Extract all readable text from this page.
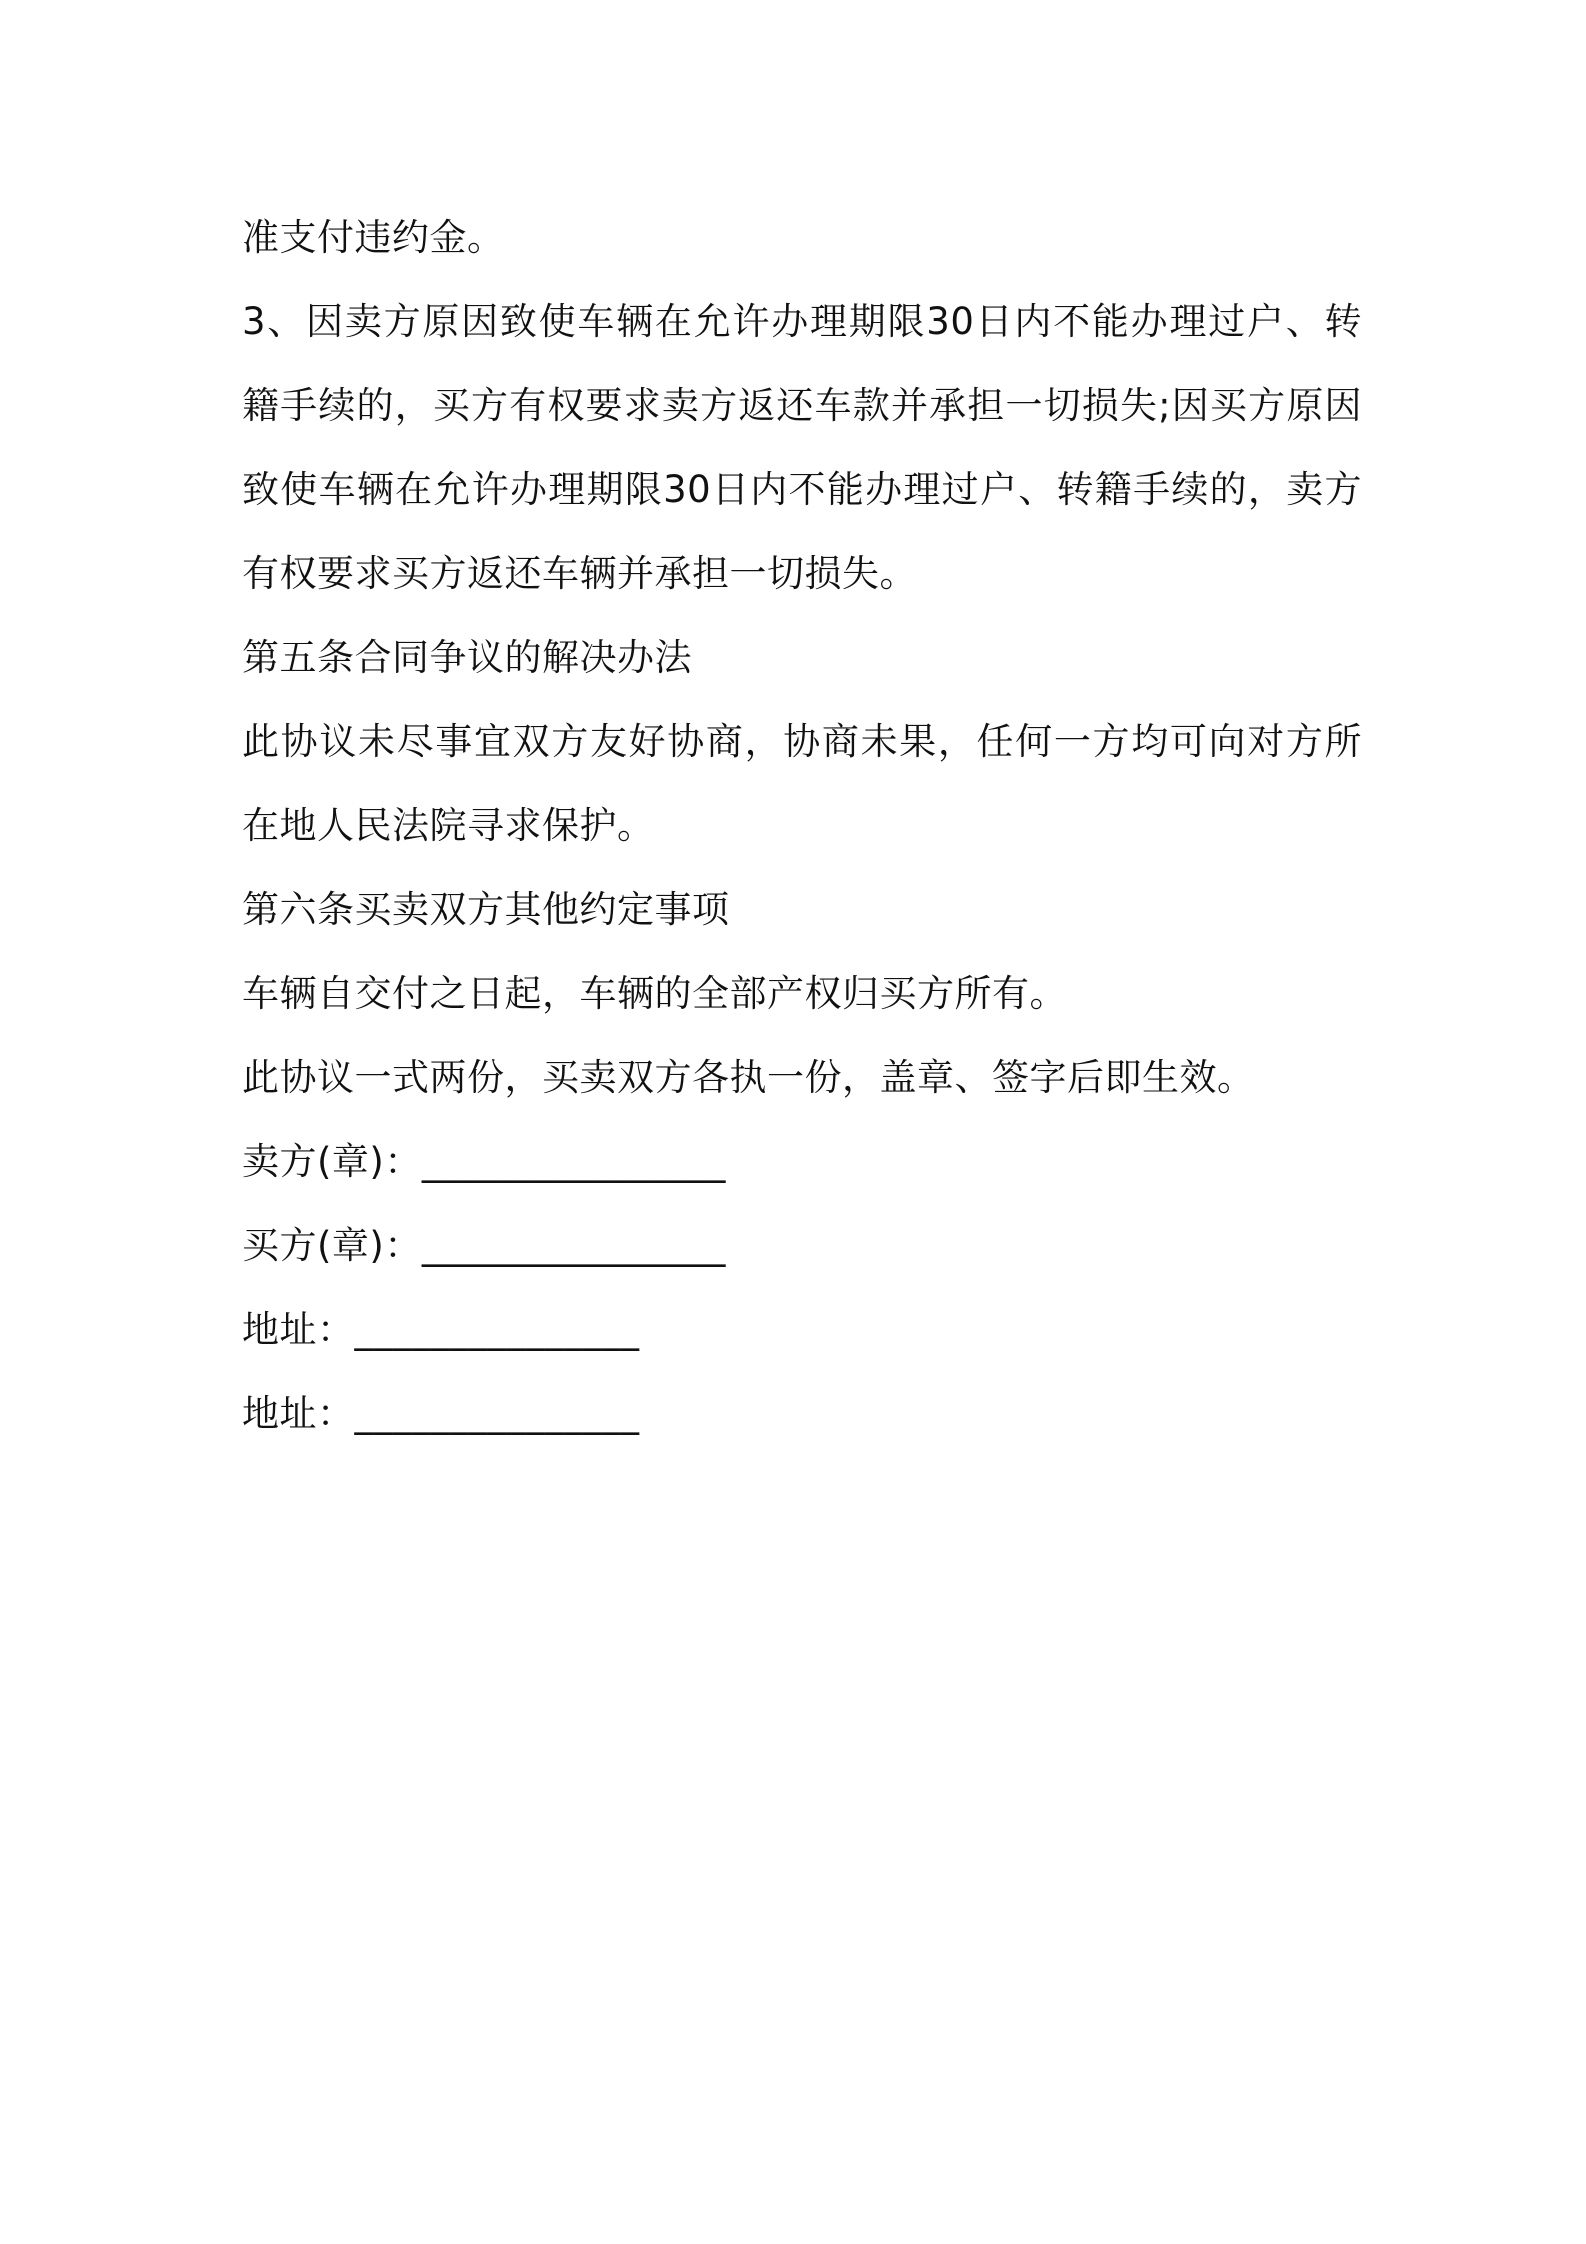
准支付违约金。

3、因卖方原因致使车辆在允许办理期限30日内不能办理过户、转籍手续的，买方有权要求卖方返还车款并承担一切损失;因买方原因致使车辆在允许办理期限30日内不能办理过户、转籍手续的，卖方有权要求买方返还车辆并承担一切损失。

第五条合同争议的解决办法

此协议未尽事宜双方友好协商，协商未果，任何一方均可向对方所在地人民法院寻求保护。

第六条买卖双方其他约定事项

车辆自交付之日起，车辆的全部产权归买方所有。

此协议一式两份，买卖双方各执一份，盖章、签字后即生效。

卖方(章)：________________

买方(章)：________________

地址：_______________

地址：_______________
